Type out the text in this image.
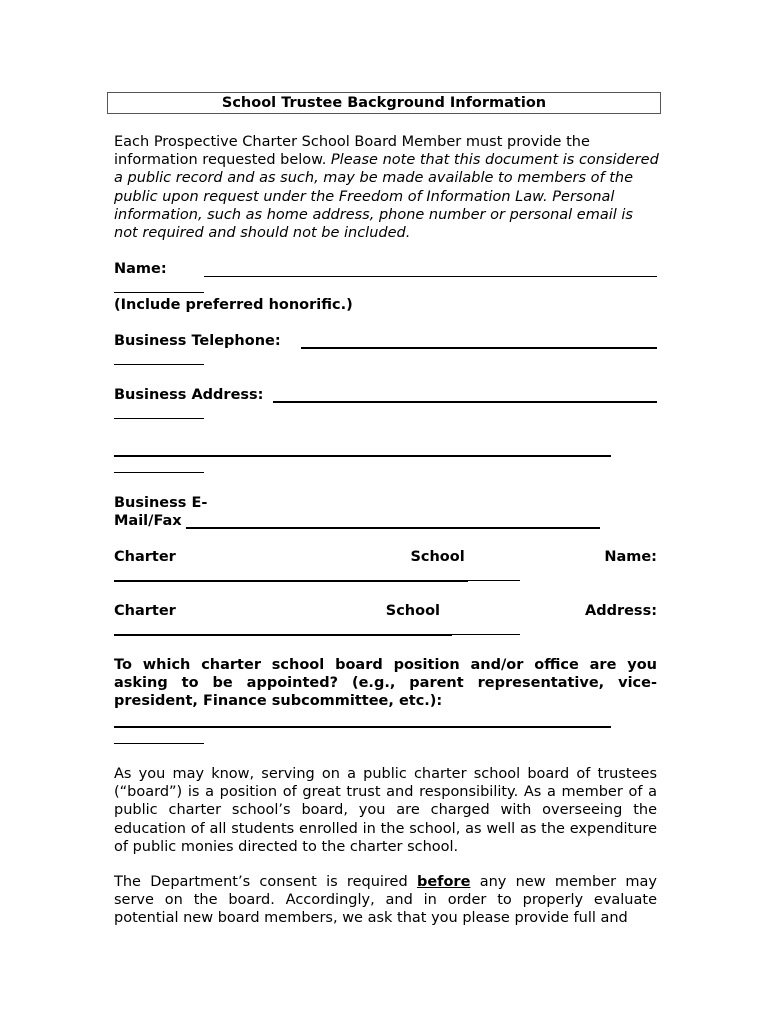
School Trustee Background Information
Each Prospective Charter School Board Member must provide the information requested below. Please note that this document is considered a public record and as such, may be made available to members of the public upon request under the Freedom of Information Law. Personal information, such as home address, phone number or personal email is not required and should not be included.
Name:
(Include preferred honorific.)
Business Telephone:
Business Address:
Business E-
Mail/Fax
Charter	School	Name:
Charter	School	Address:
To which charter school board position and/or office are you asking to be appointed? (e.g., parent representative, vice-president, Finance subcommittee, etc.):
As you may know, serving on a public charter school board of trustees (“board”) is a position of great trust and responsibility. As a member of a public charter school’s board, you are charged with overseeing the education of all students enrolled in the school, as well as the expenditure of public monies directed to the charter school.
The Department’s consent is required before any new member may serve on the board. Accordingly, and in order to properly evaluate potential new board members, we ask that you please provide full and
